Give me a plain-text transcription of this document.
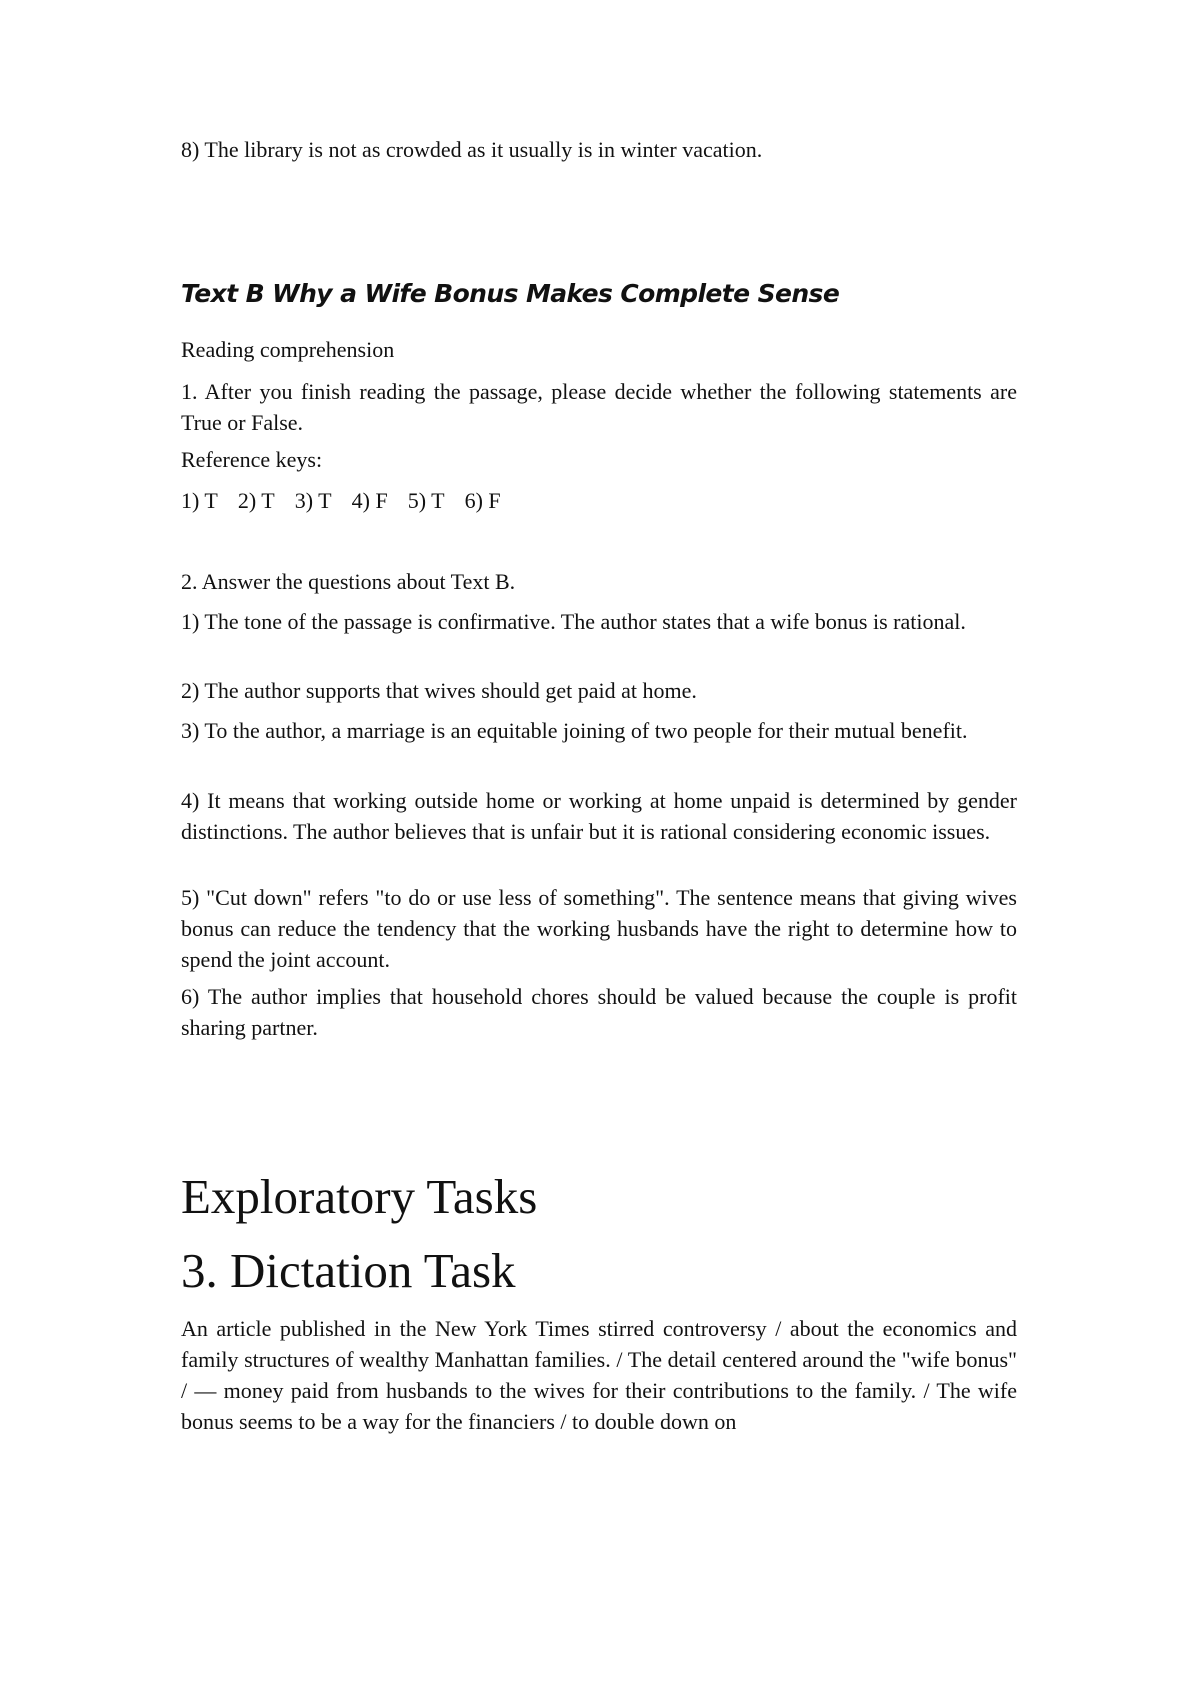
8) The library is not as crowded as it usually is in winter vacation.
Text B Why a Wife Bonus Makes Complete Sense
Reading comprehension
1. After you finish reading the passage, please decide whether the following statements are True or False.
Reference keys:
1) T 2) T 3) T 4) F 5) T 6) F
2. Answer the questions about Text B.
1) The tone of the passage is confirmative. The author states that a wife bonus is rational.
2) The author supports that wives should get paid at home.
3) To the author, a marriage is an equitable joining of two people for their mutual benefit.
4) It means that working outside home or working at home unpaid is determined by gender distinctions. The author believes that is unfair but it is rational considering economic issues.
5) "Cut down" refers "to do or use less of something". The sentence means that giving wives bonus can reduce the tendency that the working husbands have the right to determine how to spend the joint account.
6) The author implies that household chores should be valued because the couple is profit sharing partner.
Exploratory Tasks
3. Dictation Task
An article published in the New York Times stirred controversy / about the economics and family structures of wealthy Manhattan families. / The detail centered around the "wife bonus" / — money paid from husbands to the wives for their contributions to the family. / The wife bonus seems to be a way for the financiers / to double down on
